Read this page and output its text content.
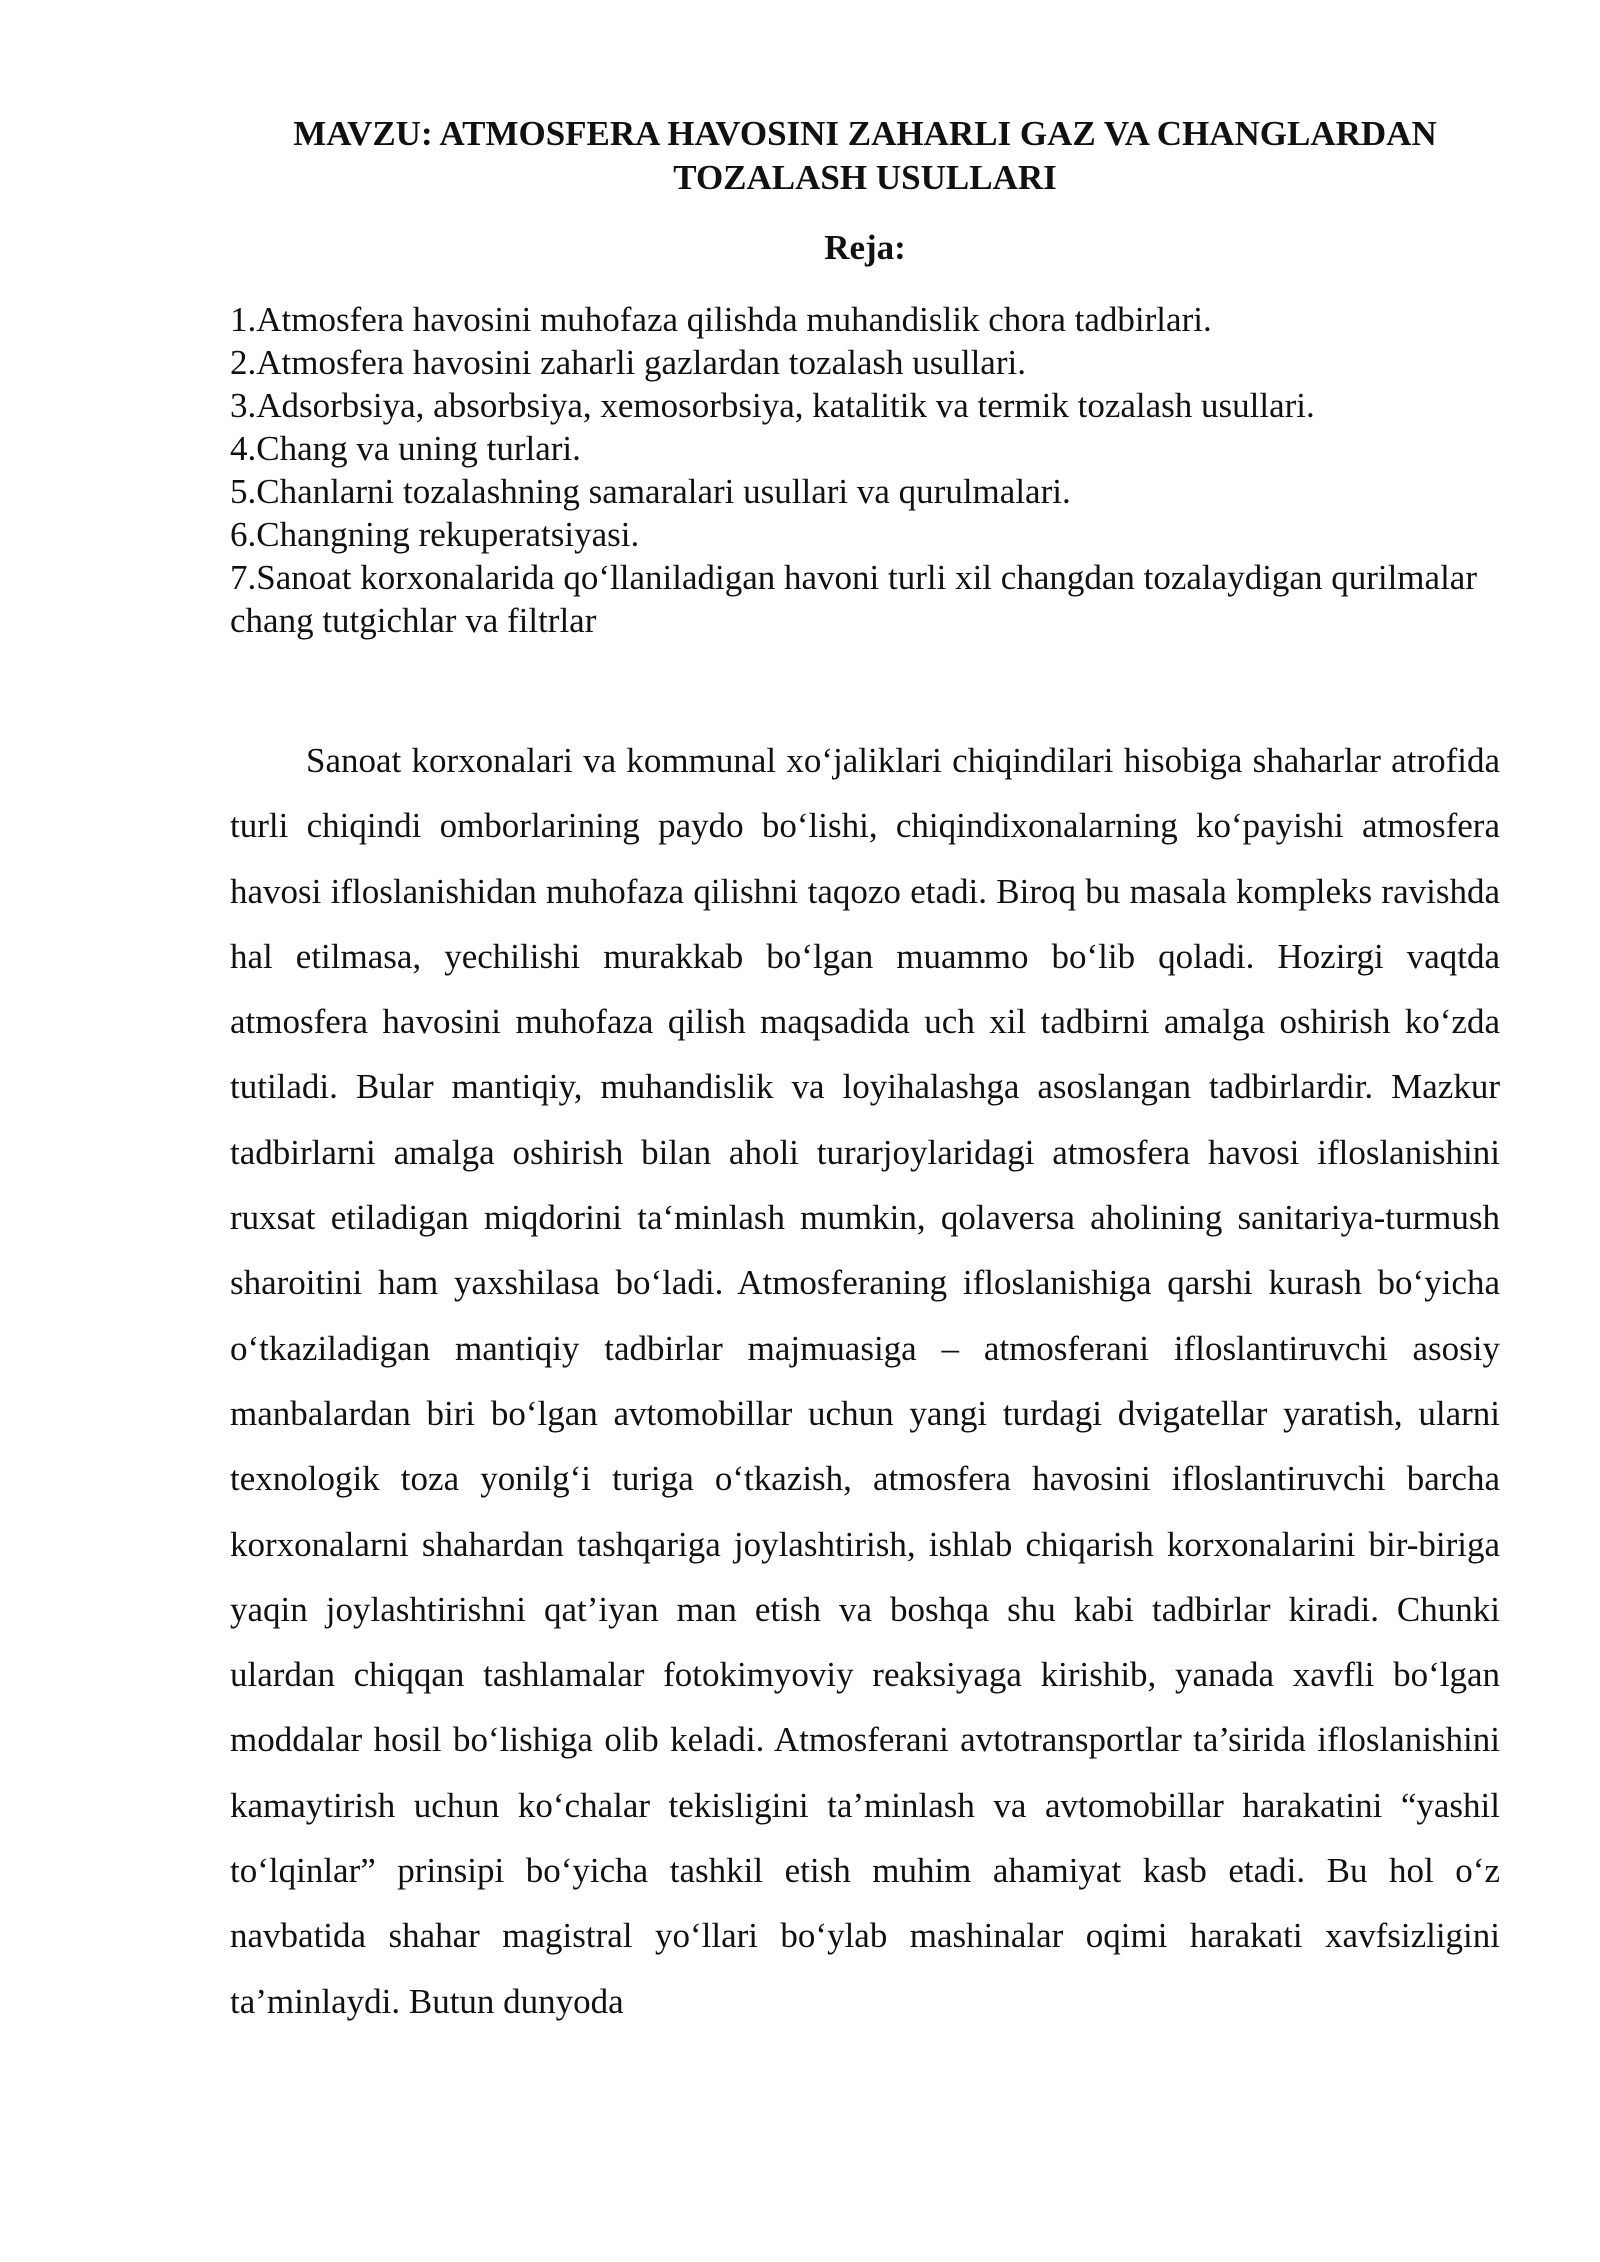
MAVZU: ATMOSFERA HAVOSINI ZAHARLI GAZ VA CHANGLARDAN TOZALASH USULLARI
Reja:
1.Atmosfera havosini muhofaza qilishda muhandislik chora tadbirlari.
2.Atmosfera havosini zaharli gazlardan tozalash usullari.
3.Adsorbsiya, absorbsiya, xemosorbsiya, katalitik va termik tozalash usullari.
4.Chang va uning turlari.
5.Chanlarni tozalashning samaralari usullari va qurulmalari.
6.Changning rekuperatsiyasi.
7.Sanoat korxonalarida qo‘llaniladigan havoni turli xil changdan tozalaydigan qurilmalar chang tutgichlar va filtrlar

Sanoat korxonalari va kommunal xo‘jaliklari chiqindilari hisobiga shaharlar atrofida turli chiqindi omborlarining paydo bo‘lishi, chiqindixonalarning ko‘payishi atmosfera havosi ifloslanishidan muhofaza qilishni taqozo etadi. Biroq bu masala kompleks ravishda hal etilmasa, yechilishi murakkab bo‘lgan muammo bo‘lib qoladi. Hozirgi vaqtda atmosfera havosini muhofaza qilish maqsadida uch xil tadbirni amalga oshirish ko‘zda tutiladi. Bular mantiqiy, muhandislik va loyihalashga asoslangan tadbirlardir. Mazkur tadbirlarni amalga oshirish bilan aholi turarjoylaridagi atmosfera havosi ifloslanishini ruxsat etiladigan miqdorini ta‘minlash mumkin, qolaversa aholining sanitariya-turmush sharoitini ham yaxshilasa bo‘ladi. Atmosferaning ifloslanishiga qarshi kurash bo‘yicha o‘tkaziladigan mantiqiy tadbirlar majmuasiga – atmosferani ifloslantiruvchi asosiy manbalardan biri bo‘lgan avtomobillar uchun yangi turdagi dvigatellar yaratish, ularni texnologik toza yonilg‘i turiga o‘tkazish, atmosfera havosini ifloslantiruvchi barcha korxonalarni shahardan tashqariga joylashtirish, ishlab chiqarish korxonalarini bir-biriga yaqin joylashtirishni qat’iyan man etish va boshqa shu kabi tadbirlar kiradi. Chunki ulardan chiqqan tashlamalar fotokimyoviy reaksiyaga kirishib, yanada xavfli bo‘lgan moddalar hosil bo‘lishiga olib keladi. Atmosferani avtotransportlar ta’sirida ifloslanishini kamaytirish uchun ko‘chalar tekisligini ta’minlash va avtomobillar harakatini “yashil to‘lqinlar” prinsipi bo‘yicha tashkil etish muhim ahamiyat kasb etadi. Bu hol o‘z navbatida shahar magistral yo‘llari bo‘ylab mashinalar oqimi harakati xavfsizligini ta’minlaydi. Butun dunyoda
